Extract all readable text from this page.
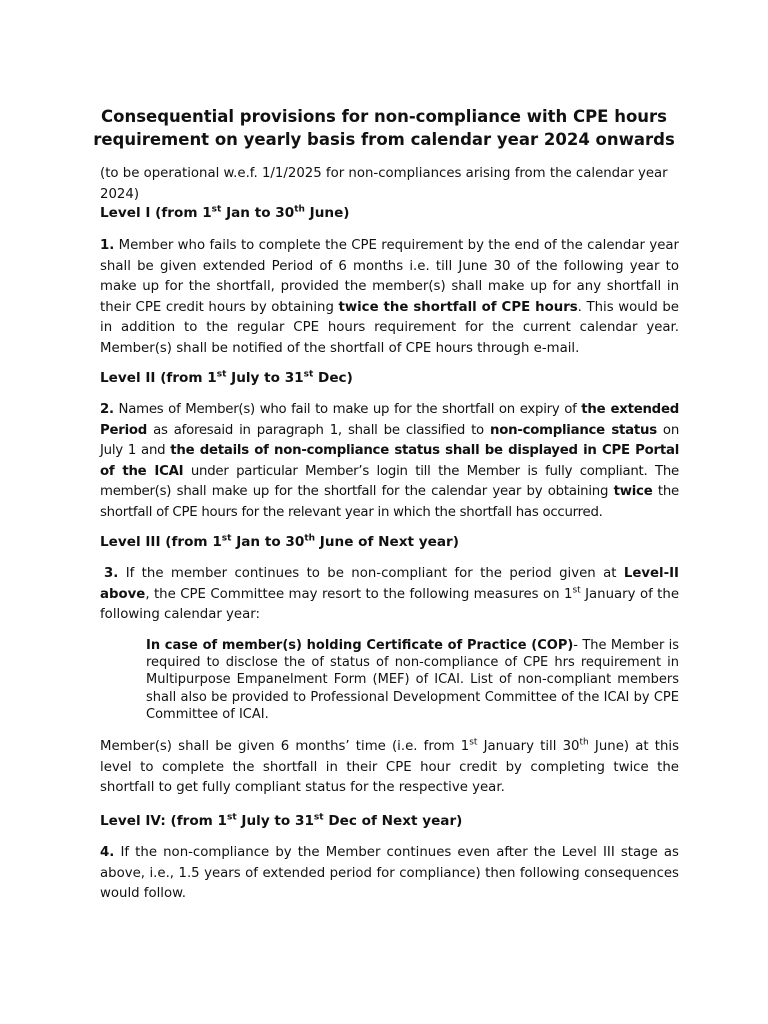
Consequential provisions for non-compliance with CPE hours
requirement on yearly basis from calendar year 2024 onwards
(to be operational w.e.f. 1/1/2025 for non-compliances arising from the calendar year 2024)
Level I (from 1st Jan to 30th June)
1. Member who fails to complete the CPE requirement by the end of the calendar year shall be given extended Period of 6 months i.e. till June 30 of the following year to make up for the shortfall, provided the member(s) shall make up for any shortfall in their CPE credit hours by obtaining twice the shortfall of CPE hours. This would be in addition to the regular CPE hours requirement for the current calendar year. Member(s) shall be notified of the shortfall of CPE hours through e-mail.
Level II (from 1st July to 31st Dec)
2. Names of Member(s) who fail to make up for the shortfall on expiry of the extended Period as aforesaid in paragraph 1, shall be classified to non-compliance status on July 1 and the details of non-compliance status shall be displayed in CPE Portal of the ICAI under particular Member’s login till the Member is fully compliant. The member(s) shall make up for the shortfall for the calendar year by obtaining twice the shortfall of CPE hours for the relevant year in which the shortfall has occurred.
Level III (from 1st Jan to 30th June of Next year)
3. If the member continues to be non-compliant for the period given at Level-II above, the CPE Committee may resort to the following measures on 1st January of the following calendar year:
In case of member(s) holding Certificate of Practice (COP)- The Member is required to disclose the of status of non-compliance of CPE hrs requirement in Multipurpose Empanelment Form (MEF) of ICAI. List of non-compliant members shall also be provided to Professional Development Committee of the ICAI by CPE Committee of ICAI.
Member(s) shall be given 6 months’ time (i.e. from 1st January till 30th June) at this level to complete the shortfall in their CPE hour credit by completing twice the shortfall to get fully compliant status for the respective year.
Level IV: (from 1st July to 31st Dec of Next year)
4. If the non-compliance by the Member continues even after the Level III stage as above, i.e., 1.5 years of extended period for compliance) then following consequences would follow.
